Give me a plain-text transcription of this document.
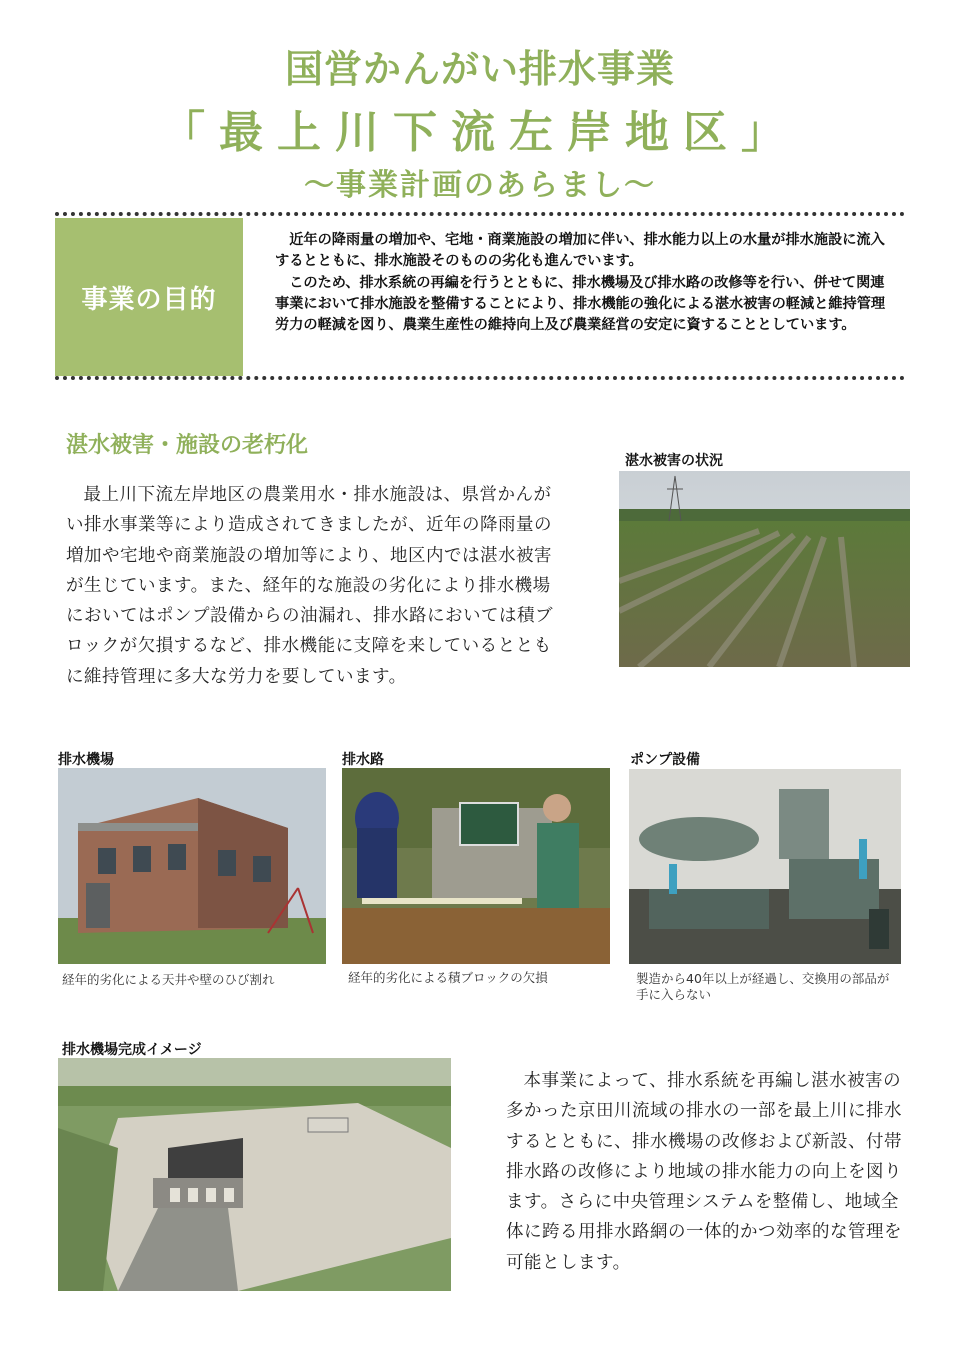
国営かんがい排水事業
「最上川下流左岸地区」
〜事業計画のあらまし〜
事業の目的

近年の降雨量の増加や、宅地・商業施設の増加に伴い、排水能力以上の水量が排水施設に流入するとともに、排水施設そのものの劣化も進んでいます。

このため、排水系統の再編を行うとともに、排水機場及び排水路の改修等を行い、併せて関連事業において排水施設を整備することにより、排水機能の強化による湛水被害の軽減と維持管理労力の軽減を図り、農業生産性の維持向上及び農業経営の安定に資することとしています。

湛水被害・施設の老朽化
最上川下流左岸地区の農業用水・排水施設は、県営かんがい排水事業等により造成されてきましたが、近年の降雨量の増加や宅地や商業施設の増加等により、地区内では湛水被害が生じています。また、経年的な施設の劣化により排水機場においてはポンプ設備からの油漏れ、排水路においては積ブロックが欠損するなど、排水機能に支障を来しているとともに維持管理に多大な労力を要しています。
湛水被害の状況
排水機場
経年的劣化による天井や壁のひび割れ
排水路
経年的劣化による積ブロックの欠損
ポンプ設備
製造から40年以上が経過し、交換用の部品が手に入らない
排水機場完成イメージ
本事業によって、排水系統を再編し湛水被害の多かった京田川流域の排水の一部を最上川に排水するとともに、排水機場の改修および新設、付帯排水路の改修により地域の排水能力の向上を図ります。さらに中央管理システムを整備し、地域全体に跨る用排水路網の一体的かつ効率的な管理を可能とします。
